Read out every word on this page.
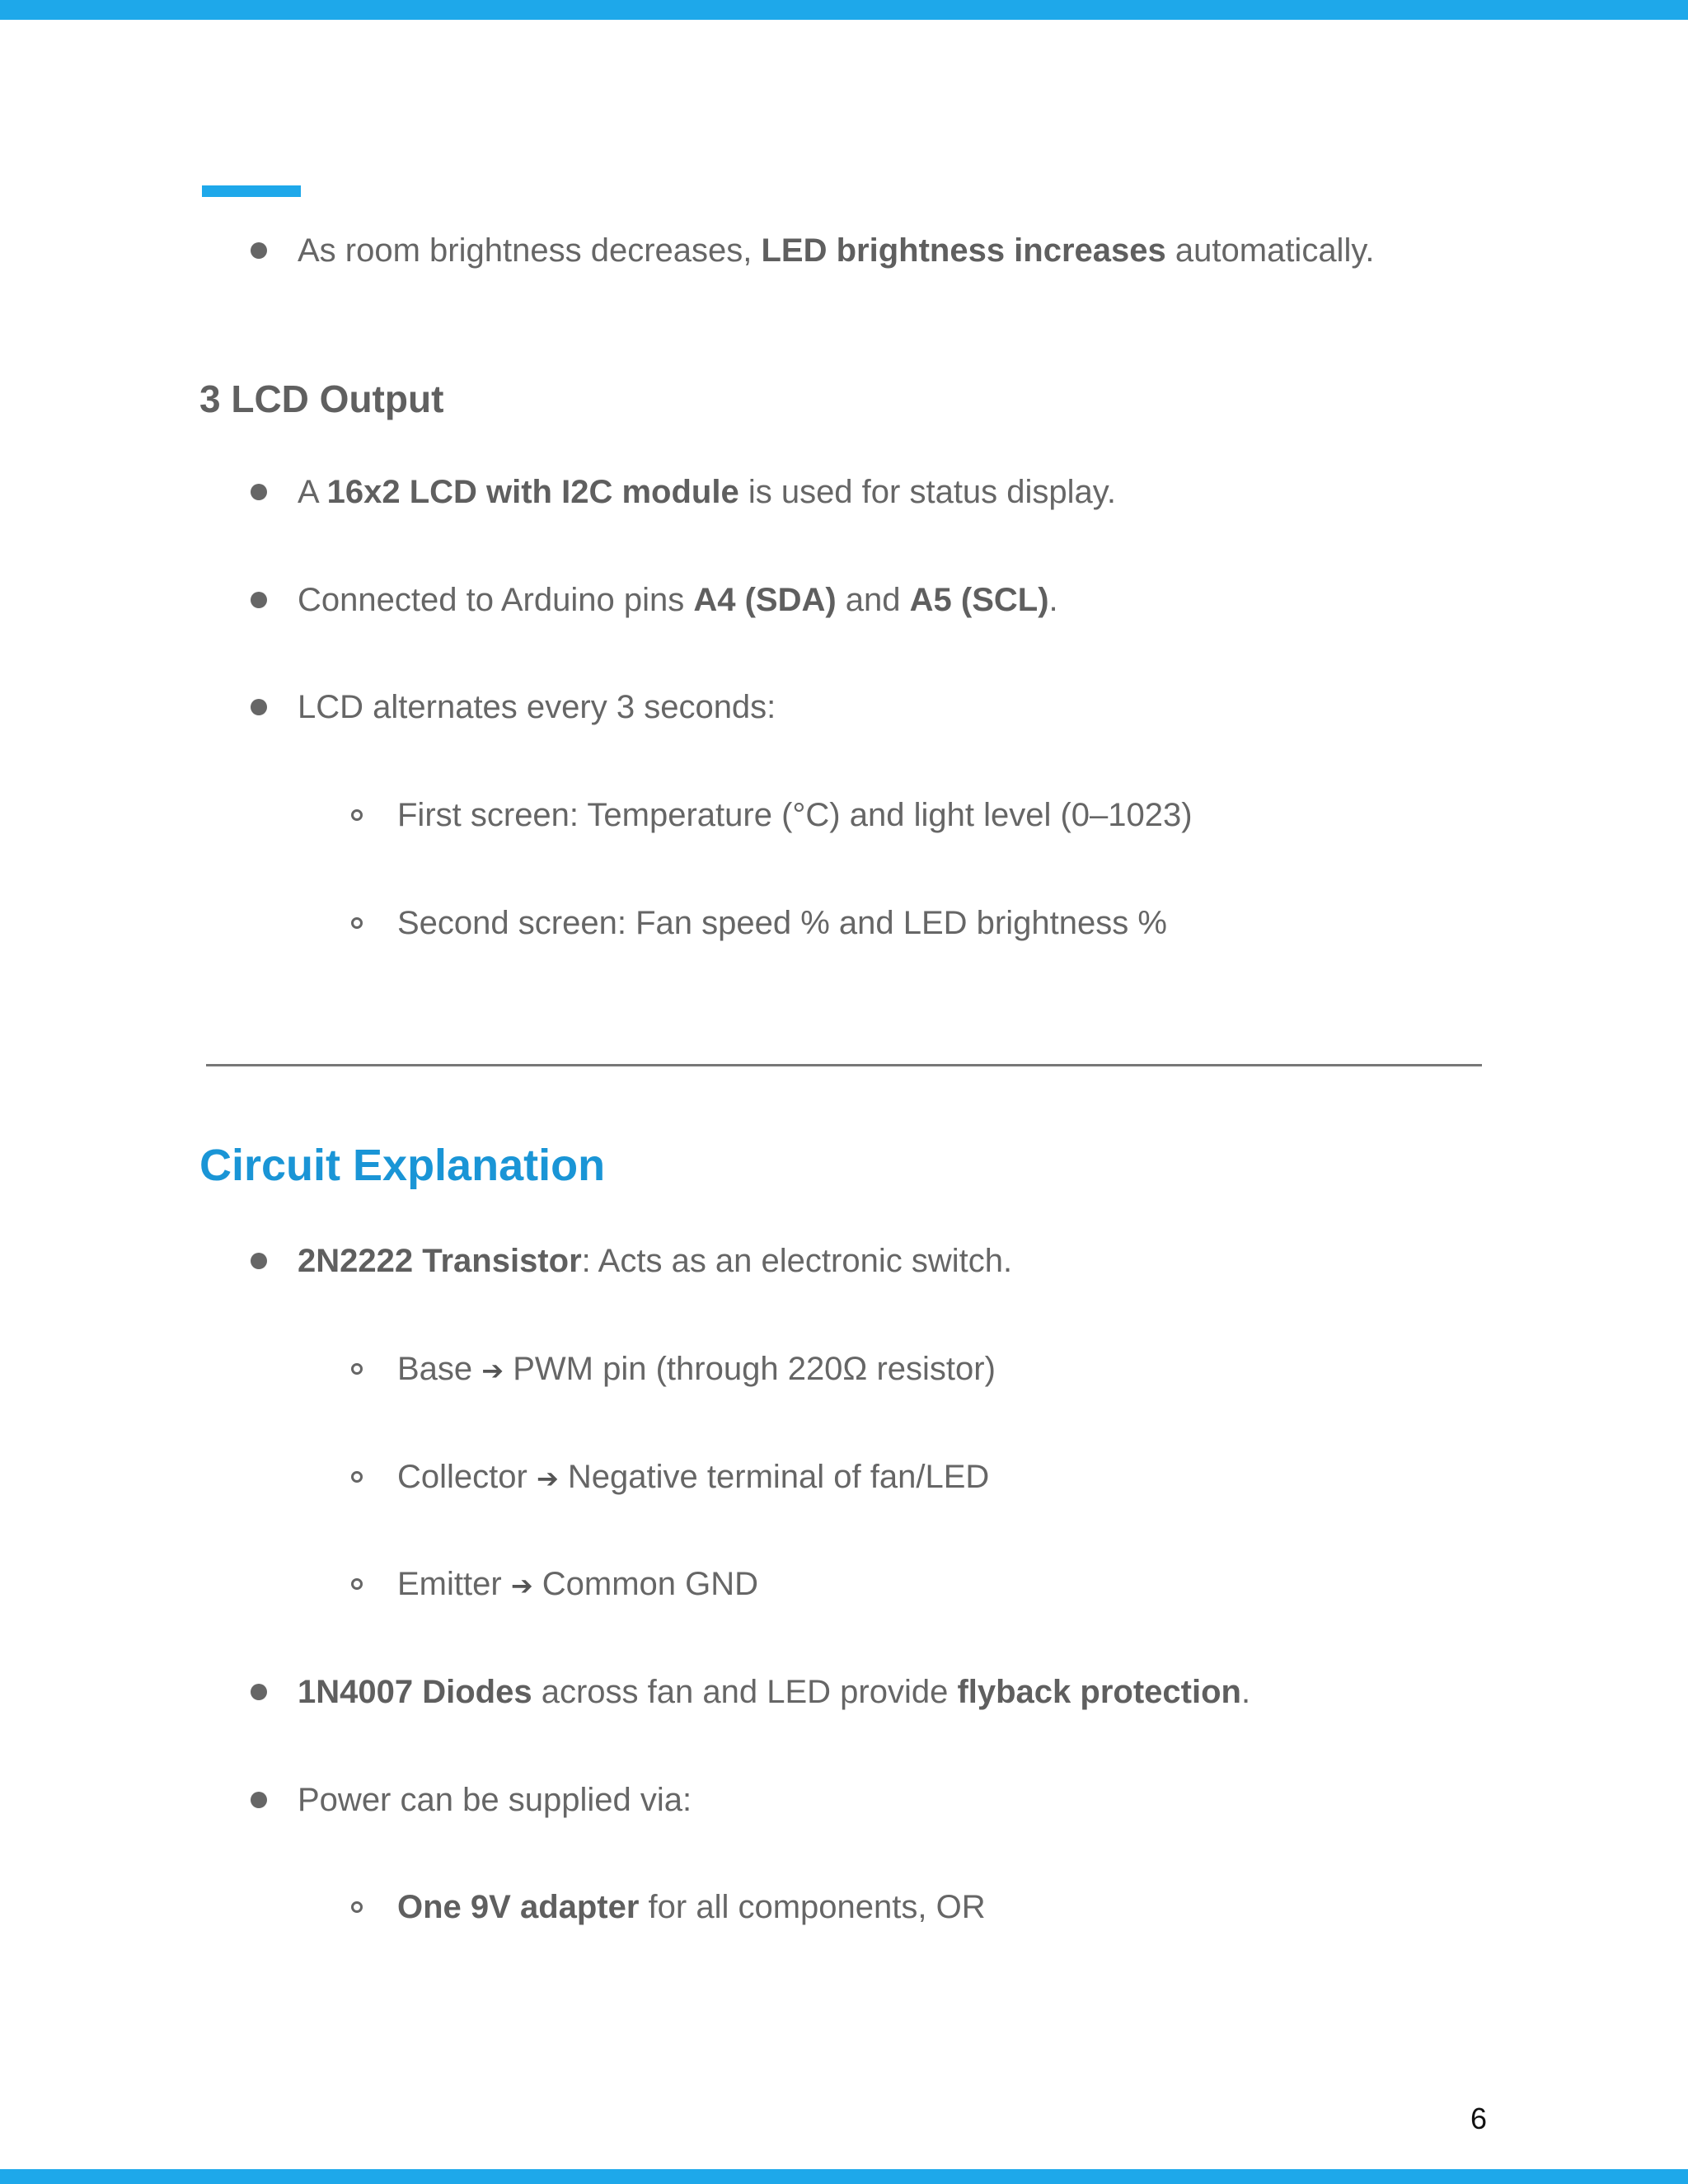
As room brightness decreases, LED brightness increases automatically.
3 LCD Output
A 16x2 LCD with I2C module is used for status display.
Connected to Arduino pins A4 (SDA) and A5 (SCL).
LCD alternates every 3 seconds:
First screen: Temperature (°C) and light level (0–1023)
Second screen: Fan speed % and LED brightness %
Circuit Explanation
2N2222 Transistor: Acts as an electronic switch.
Base ➔ PWM pin (through 220Ω resistor)
Collector ➔ Negative terminal of fan/LED
Emitter ➔ Common GND
1N4007 Diodes across fan and LED provide flyback protection.
Power can be supplied via:
One 9V adapter for all components, OR
6
